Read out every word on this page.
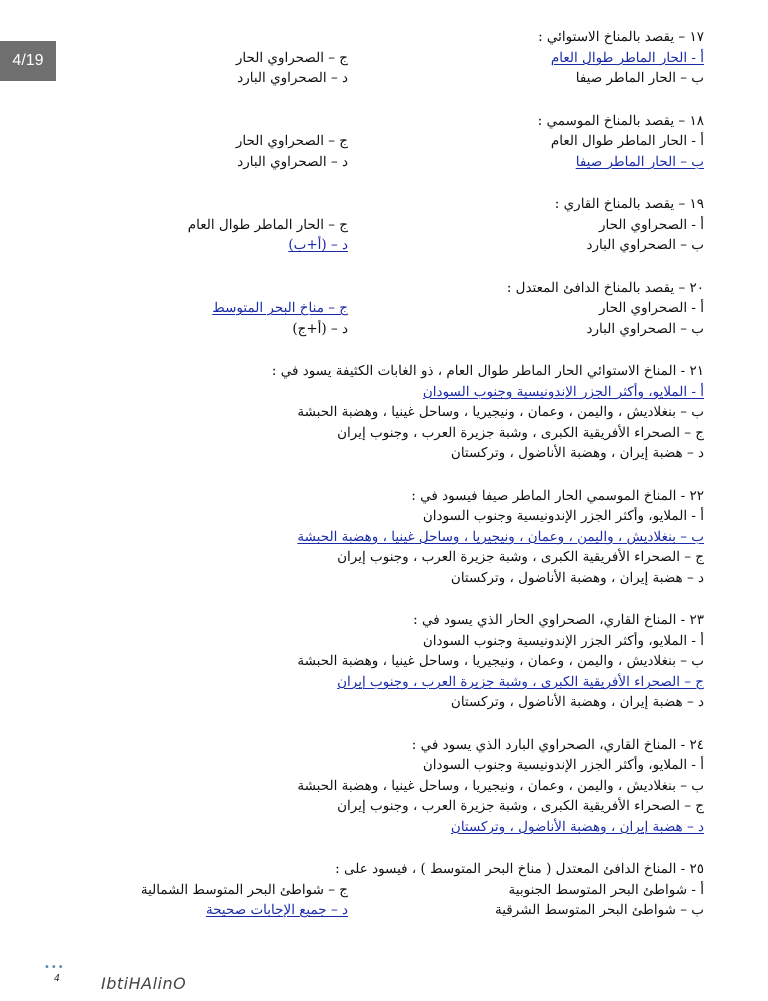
4/19
١٧ – يقصد بالمناخ الاستوائي :
أ - الحار الماطر طوال العام
ج – الصحراوي الحار
ب – الحار الماطر صيفا
د – الصحراوي البارد
١٨ – يقصد بالمناخ الموسمي :
أ - الحار الماطر طوال العام
ج – الصحراوي الحار
ب – الحار الماطر صيفا
د – الصحراوي البارد
١٩ – يقصد بالمناخ القاري :
أ - الصحراوي الحار
ج – الحار الماطر طوال العام
ب – الصحراوي البارد
د – (أ+ب)
٢٠ – يقصد بالمناخ الدافئ المعتدل :
أ - الصحراوي الحار
ج – مناخ البحر المتوسط
ب – الصحراوي البارد
د – (أ+ج)
٢١ - المناخ الاستوائي الحار الماطر طوال العام ، ذو الغابات الكثيفة يسود في :
أ - الملايو، وأكثر الجزر الإندونيسية وجنوب السودان
ب – بنغلاديش ، واليمن ، وعمان ، ونيجيريا ، وساحل غينيا ، وهضبة الحبشة
ج – الصحراء الأفريقية الكبرى ، وشبة جزيرة العرب ، وجنوب إيران
د – هضبة إيران ، وهضبة الأناضول ، وتركستان
٢٢ - المناخ الموسمي الحار الماطر صيفا فيسود في :
أ - الملايو، وأكثر الجزر الإندونيسية وجنوب السودان
ب – بنغلاديش ، واليمن ، وعمان ، ونيجيريا ، وساحل غينيا ، وهضبة الحبشة
ج – الصحراء الأفريقية الكبرى ، وشبة جزيرة العرب ، وجنوب إيران
د – هضبة إيران ، وهضبة الأناضول ، وتركستان
٢٣ - المناخ القاري، الصحراوي الحار الذي يسود في :
أ - الملايو، وأكثر الجزر الإندونيسية وجنوب السودان
ب – بنغلاديش ، واليمن ، وعمان ، ونيجيريا ، وساحل غينيا ، وهضبة الحبشة
ج – الصحراء الأفريقية الكبرى ، وشبة جزيرة العرب ، وجنوب إيران
د – هضبة إيران ، وهضبة الأناضول ، وتركستان
٢٤ - المناخ القاري، الصحراوي البارد الذي يسود في :
أ - الملايو، وأكثر الجزر الإندونيسية وجنوب السودان
ب – بنغلاديش ، واليمن ، وعمان ، ونيجيريا ، وساحل غينيا ، وهضبة الحبشة
ج – الصحراء الأفريقية الكبرى ، وشبة جزيرة العرب ، وجنوب إيران
د – هضبة إيران ، وهضبة الأناضول ، وتركستان
٢٥ - المناخ الدافئ المعتدل ( مناخ البحر المتوسط ) ، فيسود على :
أ - شواطئ البحر المتوسط الجنوبية
ج – شواطئ البحر المتوسط الشمالية
ب – شواطئ البحر المتوسط الشرقية
د – جميع الإجابات صحيحة
•••
4	IbtiHAlinO
